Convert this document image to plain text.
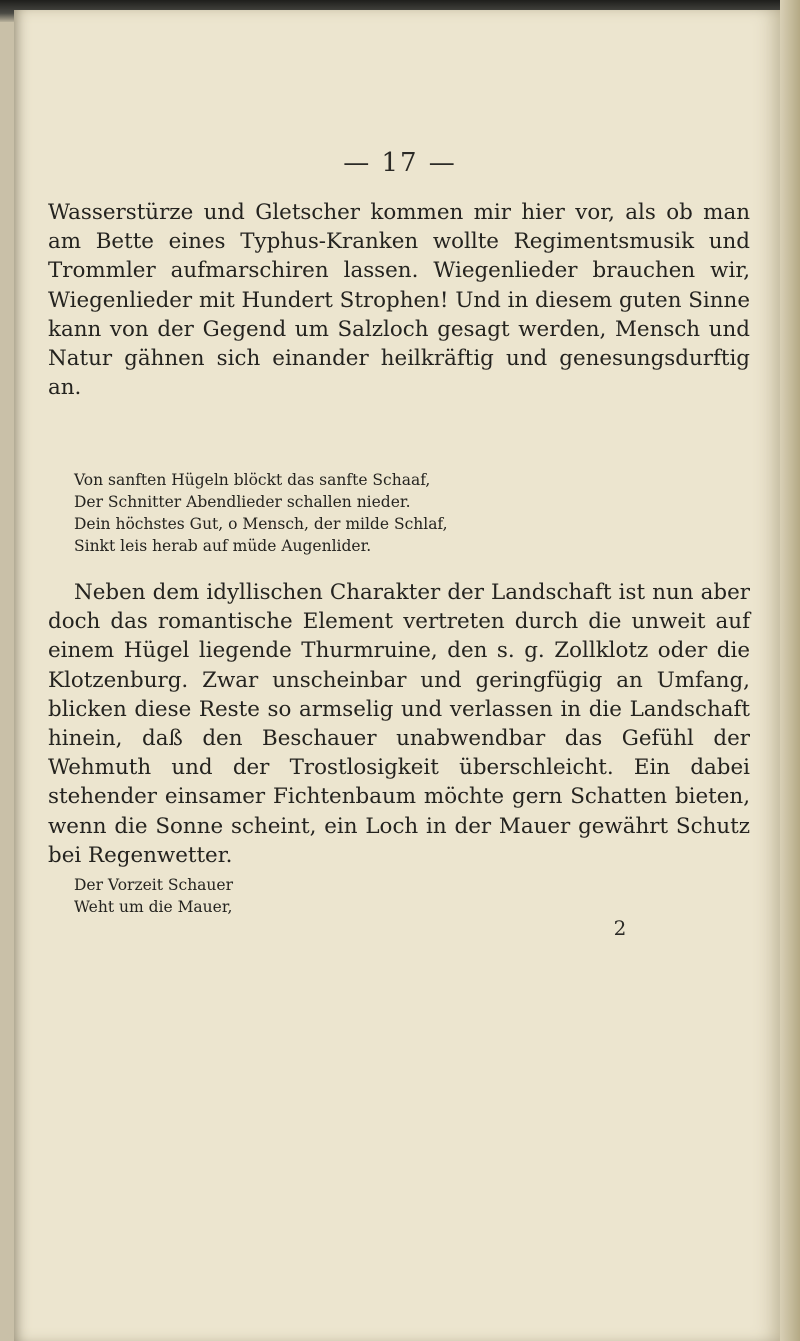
— 17 —

Wasserstürze und Gletscher kommen mir hier vor, als ob man am Bette eines Typhus-Kranken wollte Regimentsmusik und Trommler aufmarschiren lassen. Wiegenlieder brauchen wir, Wiegenlieder mit Hundert Strophen! Und in diesem guten Sinne kann von der Gegend um Salzloch gesagt werden, Mensch und Natur gähnen sich einander heilkräftig und genesungsdurftig an.

Von sanften Hügeln blöckt das sanfte Schaaf,

Der Schnitter Abendlieder schallen nieder.

Dein höchstes Gut, o Mensch, der milde Schlaf,

Sinkt leis herab auf müde Augenlider.

Neben dem idyllischen Charakter der Landschaft ist nun aber doch das romantische Element vertreten durch die unweit auf einem Hügel liegende Thurmruine, den s. g. Zollklotz oder die Klotzenburg. Zwar unscheinbar und geringfügig an Umfang, blicken diese Reste so armselig und verlassen in die Landschaft hinein, daß den Beschauer unabwendbar das Gefühl der Wehmuth und der Trostlosigkeit überschleicht. Ein dabei stehender einsamer Fichtenbaum möchte gern Schatten bieten, wenn die Sonne scheint, ein Loch in der Mauer gewährt Schutz bei Regenwetter.

Der Vorzeit Schauer

Weht um die Mauer,

2
